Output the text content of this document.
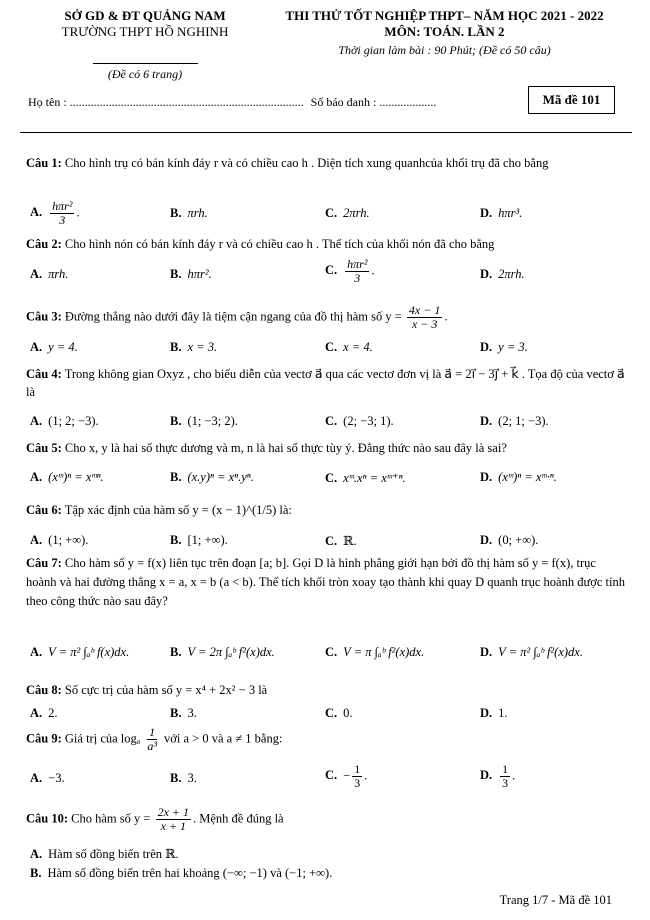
SỞ GD & ĐT QUẢNG NAM
TRƯỜNG THPT HỒ NGHINH
(Đề có 6 trang)
THI THỬ TỐT NGHIỆP THPT– NĂM HỌC 2021 - 2022
MÔN: TOÁN. LẦN 2
Thời gian làm bài : 90 Phút; (Đề có 50 câu)
Họ tên : .............................................................................. Số báo danh : ...................	Mã đề 101
Câu 1: Cho hình trụ có bán kính đáy r và có chiều cao h . Diện tích xung quanhcủa khối trụ đã cho bằng
A. $\frac{\text{hπr²}}{3}$ .	B. πrh.	C. 2πrh.	D. hπr³.
Câu 2: Cho hình nón có bán kính đáy r và có chiều cao h . Thể tích của khối nón đã cho bằng
A. πrh.	B. hπr².	C. $\frac{\text{hπr²}}{3}$ .	D. 2πrh.
Câu 3: Đường thẳng nào dưới đây là tiệm cận ngang của đồ thị hàm số $y = \frac{4x - 1}{x - 3}$ .
A. y = 4.	B. x = 3.	C. x = 4.	D. y = 3.
Câu 4: Trong không gian Oxyz , cho biểu diễn của vectơ a⃗ qua các vectơ đơn vị là a⃗ = 2i⃗ − 3j⃗ + k⃗ . Tọa độ của vectơ a⃗ là
A. (1; 2; −3).	B. (1; −3; 2).	C. (2; −3; 1).	D. (2; 1; −3).
Câu 5: Cho x, y là hai số thực dương và m, n là hai số thực tùy ý. Đẳng thức nào sau đây là sai?
A. (xᵐ)ⁿ = xᵐⁿ.	B. (x.y)ⁿ = xⁿ.yⁿ.	C. xᵐ.xⁿ = xᵐ⁺ⁿ.	D. (xᵐ)ⁿ = xᵐ·ⁿ.
Câu 6: Tập xác định của hàm số y = (x − 1)^(1/5) là:
A. (1; +∞).	B. [1; +∞).	C. ℝ.	D. (0; +∞).
Câu 7: Cho hàm số y = f(x) liên tục trên đoạn [a; b]. Gọi D là hình phẳng giới hạn bởi đồ thị hàm số y = f(x), trục hoành và hai đường thẳng x = a, x = b (a < b). Thể tích khối tròn xoay tạo thành khi quay D quanh trục hoành được tính theo công thức nào sau đây?
A. V = π² ∫ₐᵇ f(x)dx.	B. V = 2π ∫ₐᵇ f²(x)dx.	C. V = π ∫ₐᵇ f²(x)dx.	D. V = π² ∫ₐᵇ f²(x)dx.
Câu 8: Số cực trị của hàm số y = x⁴ + 2x² − 3 là
A. 2.	B. 3.	C. 0.	D. 1.
Câu 9: Giá trị của logₐ $\frac{1}{\text{a³}}$ với a > 0 và a ≠ 1 bằng:
A. −3.	B. 3.	C. − $\frac{1}{3}$ .	D. $\frac{1}{3}$ .
Câu 10: Cho hàm số $y = \frac{2x + 1}{x + 1}$ . Mệnh đề đúng là
A. Hàm số đồng biến trên ℝ.
B. Hàm số đồng biến trên hai khoảng (−∞; −1) và (−1; +∞).
Trang 1/7 - Mã đề 101
